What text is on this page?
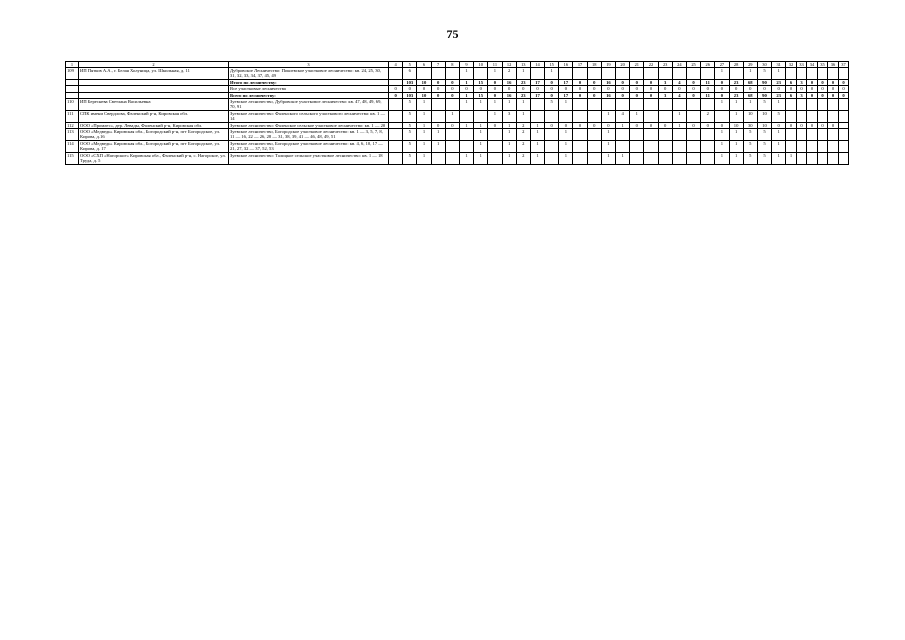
75
1	2	3	4	5	6	7	8	9	10	11	12	13	14	15	16	17	18	19	20	21	22	23	24	25	26	27	28	29	30	31	32	33	34	35	36	37
109	ИП Пятков А.А., г. Белая Холуница, ул. Шкильная, д. 11	Дубровское Лесничество: Покоевское участковое лесничество: кв. 24, 25, 30, 31, 32, 33, 34, 37, 45, 49		6				1		1	2	1		1												1		1	5	1						
		Итого по лесничеству:		103	10	0	0	1	15	0	16	23	17	0	17	0	0	16	0	0	0	3	4	0	11	0	23	68	90	23	6	3	0	0	0	0
		Все участковые лесничества	0	0	0	0	0	0	0	0	0	0	0	0	0	0	0	0	0	0	0	0	0	0	0	0	0	0	0	0	0	0	0	0	0	0
		Всего по лесничеству:	0	103	10	0	0	1	15	0	16	23	17	0	17	0	0	16	0	0	0	3	4	0	11	0	23	68	90	23	6	3	0	0	0	0
110	ИП Береснева Светлана Васильевна	Зуевское лесничество, Дубровское участковое лесничество: кв. 47, 48, 49, 69, 70, 91		5	1			1	1	1	1	1		5	1											1	1	1	5	1						
111	СПК имени Свердлова, Фаленский р-н, Кировская обл.	Зуевское лесничество: Фаленского сельского участкового лесничества: кв. 1 — 14		5	1		1			1	3	1						1	4	1			1		2		1	10	10	5						
112	ООО «Промлес», дер. Левады, Фаленский р-н, Кировская обл.	Зуевское лесничество: Фаленское сельское участковое лесничество: кв. 1 — 20		5	1	0	0	1	1	0	1	2	1	0	0	0	0	0	1	0	0	0	1	0	0	0	10	30	10	0	0	0	0	0	0	
113	ООО «Медведь» Кировская обл., Богородский р-н, пгт Богородское, ул. Кирова, д.16	Зуевское лесничество, Богородское участковое лесничество: кв. 1 — 3, 5, 7, 8, 11 — 16, 22 — 26, 28 — 31, 38, 39, 41 — 46, 48, 49, 51		5	1	1			1		1	2	1		1			1								1	1	5	5	1						
114	ООО «Медведь» Кировская обл., Богородский р-н, пгт Богородское, ул. Кирова, д. 17	Зуевское лесничество, Богородское участковое лесничество: кв. 4, 6, 10, 17 — 21, 27, 32 — 37, 52, 53		5	1	1			1		1	2	1		1			1								1	1	5	5	1						
115	ООО «СХП «Нагорское» Кировская обл., Фаленский р-н, с. Нагорское, ул. Труда, д. 5	Зуевское лесничество: Талицкое сельское участковое лесничество: кв. 1 — 18		5	1			1	1		1	2	1		1			1	1							1	1	5	5	1	1					
